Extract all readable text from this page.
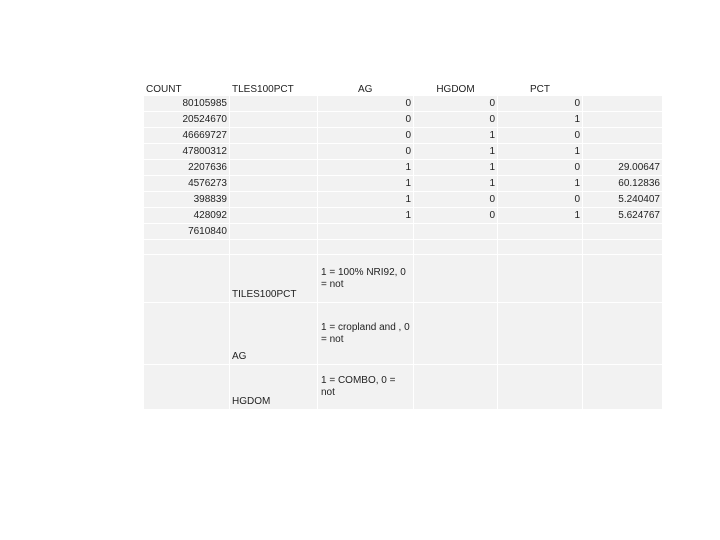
COUNT	TLES100PCT	AG	HGDOM	PCT	
80105985		0	0	0	
20524670		0	0	1	
46669727		0	1	0	
47800312		0	1	1	
2207636		1	1	0	29.00647
4576273		1	1	1	60.12836
398839		1	0	0	5.240407
428092		1	0	1	5.624767
7610840					

	TILES100PCT	1 = 100% NRI92, 0 = not			
	AG	1 = cropland and , 0 = not			
	HGDOM	1 = COMBO, 0 = not			
